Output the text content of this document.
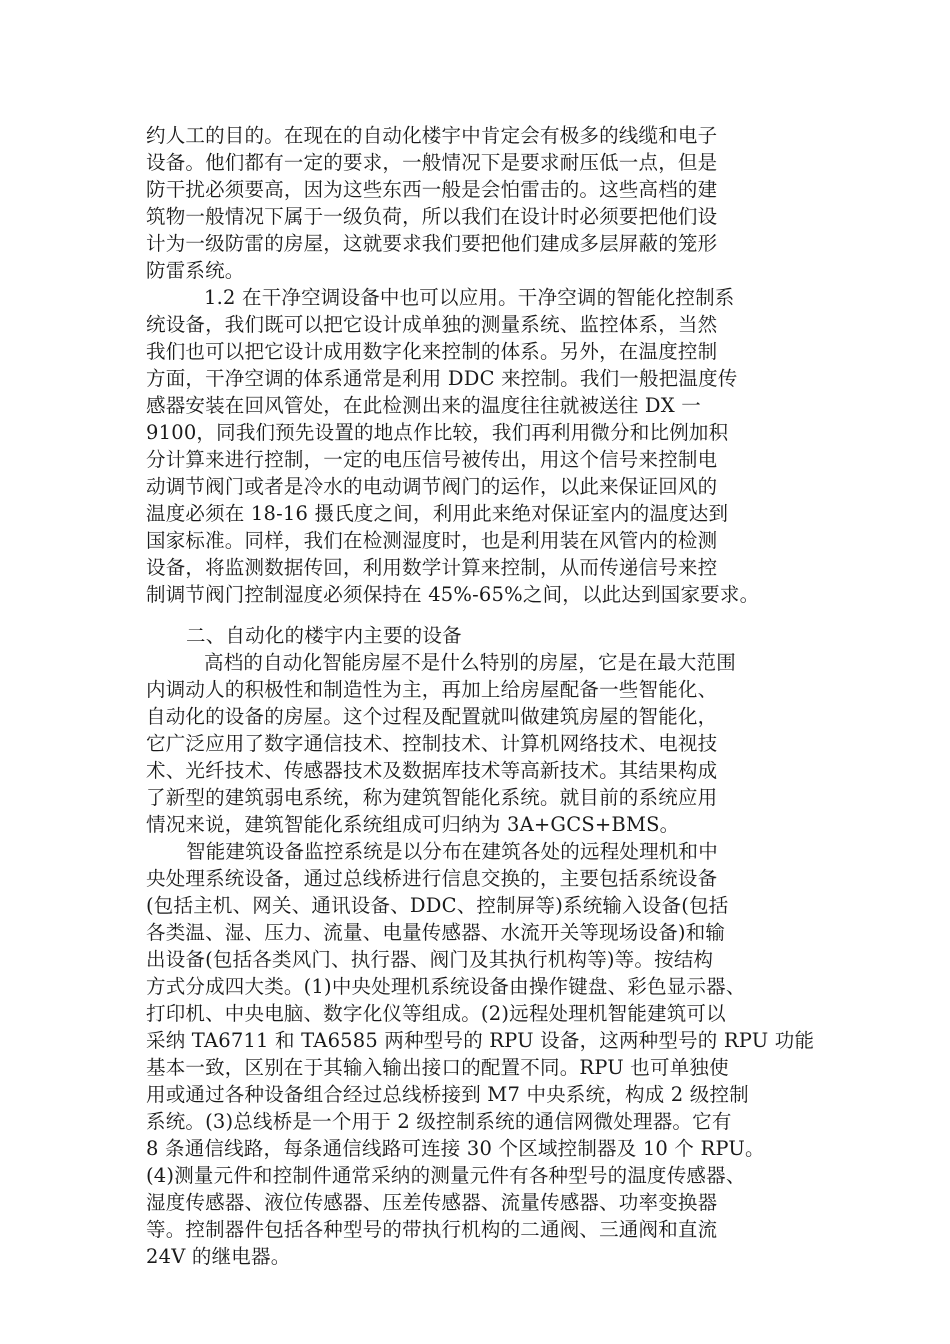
约人工的目的。在现在的自动化楼宇中肯定会有极多的线缆和电子
设备。他们都有一定的要求，一般情况下是要求耐压低一点，但是
防干扰必须要高，因为这些东西一般是会怕雷击的。这些高档的建
筑物一般情况下属于一级负荷，所以我们在设计时必须要把他们设
计为一级防雷的房屋，这就要求我们要把他们建成多层屏蔽的笼形
防雷系统。
1.2 在干净空调设备中也可以应用。干净空调的智能化控制系
统设备，我们既可以把它设计成单独的测量系统、监控体系，当然
我们也可以把它设计成用数字化来控制的体系。另外，在温度控制
方面，干净空调的体系通常是利用 DDC 来控制。我们一般把温度传
感器安装在回风管处，在此检测出来的温度往往就被送往 DX 一
9100，同我们预先设置的地点作比较，我们再利用微分和比例加积
分计算来进行控制，一定的电压信号被传出，用这个信号来控制电
动调节阀门或者是冷水的电动调节阀门的运作，以此来保证回风的
温度必须在 18-16 摄氏度之间，利用此来绝对保证室内的温度达到
国家标准。同样，我们在检测湿度时，也是利用装在风管内的检测
设备，将监测数据传回，利用数学计算来控制，从而传递信号来控
制调节阀门控制湿度必须保持在 45%-65%之间，以此达到国家要求。
二、自动化的楼宇内主要的设备
高档的自动化智能房屋不是什么特别的房屋，它是在最大范围
内调动人的积极性和制造性为主，再加上给房屋配备一些智能化、
自动化的设备的房屋。这个过程及配置就叫做建筑房屋的智能化，
它广泛应用了数字通信技术、控制技术、计算机网络技术、电视技
术、光纤技术、传感器技术及数据库技术等高新技术。其结果构成
了新型的建筑弱电系统，称为建筑智能化系统。就目前的系统应用
情况来说，建筑智能化系统组成可归纳为 3A+GCS+BMS。
智能建筑设备监控系统是以分布在建筑各处的远程处理机和中
央处理系统设备，通过总线桥进行信息交换的，主要包括系统设备
(包括主机、网关、通讯设备、DDC、控制屏等)系统输入设备(包括
各类温、湿、压力、流量、电量传感器、水流开关等现场设备)和输
出设备(包括各类风门、执行器、阀门及其执行机构等)等。按结构
方式分成四大类。(1)中央处理机系统设备由操作键盘、彩色显示器、
打印机、中央电脑、数字化仪等组成。(2)远程处理机智能建筑可以
采纳 TA6711 和 TA6585 两种型号的 RPU 设备，这两种型号的 RPU 功能
基本一致，区别在于其输入输出接口的配置不同。RPU 也可单独使
用或通过各种设备组合经过总线桥接到 M7 中央系统，构成 2 级控制
系统。(3)总线桥是一个用于 2 级控制系统的通信网微处理器。它有
8 条通信线路，每条通信线路可连接 30 个区域控制器及 10 个 RPU。
(4)测量元件和控制件通常采纳的测量元件有各种型号的温度传感器、
湿度传感器、液位传感器、压差传感器、流量传感器、功率变换器
等。控制器件包括各种型号的带执行机构的二通阀、三通阀和直流
24V 的继电器。
